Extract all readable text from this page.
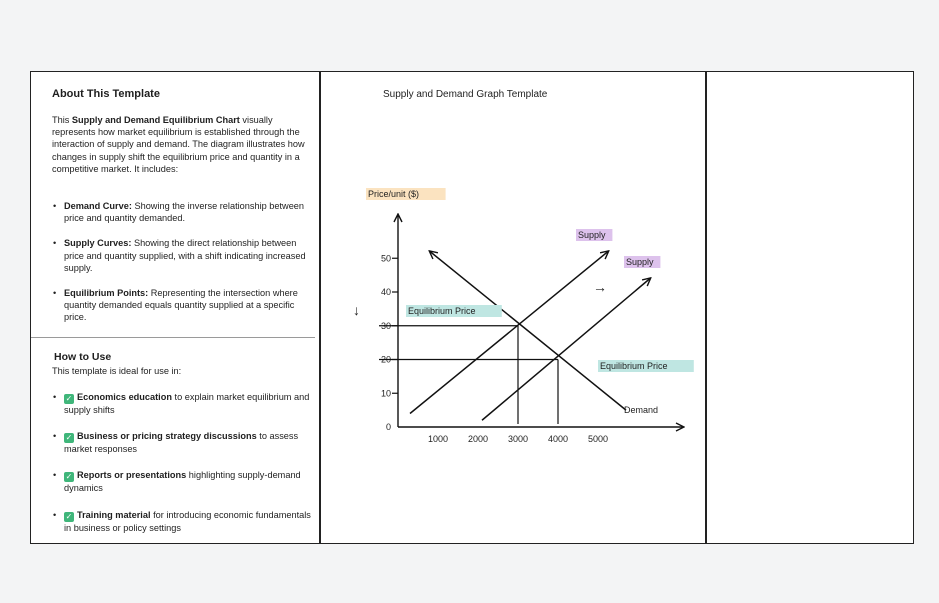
About This Template
This Supply and Demand Equilibrium Chart visually represents how market equilibrium is established through the interaction of supply and demand. The diagram illustrates how changes in supply shift the equilibrium price and quantity in a competitive market. It includes:
• Demand Curve: Showing the inverse relationship between price and quantity demanded.
• Supply Curves: Showing the direct relationship between price and quantity supplied, with a shift indicating increased supply.
• Equilibrium Points: Representing the intersection where quantity demanded equals quantity supplied at a specific price.
How to Use
This template is ideal for use in:
• ✓ Economics education to explain market equilibrium and supply shifts
• ✓ Business or pricing strategy discussions to assess market responses
• ✓ Reports or presentations highlighting supply-demand dynamics
• ✓ Training material for introducing economic fundamentals in business or policy settings
Supply and Demand Graph Template
Price/unit ($)
0
10
20
30
40
50
1000 2000 3000 4000 5000
Supply
Supply
Demand
Equilibrium Price
Equilibrium Price
↓
→
